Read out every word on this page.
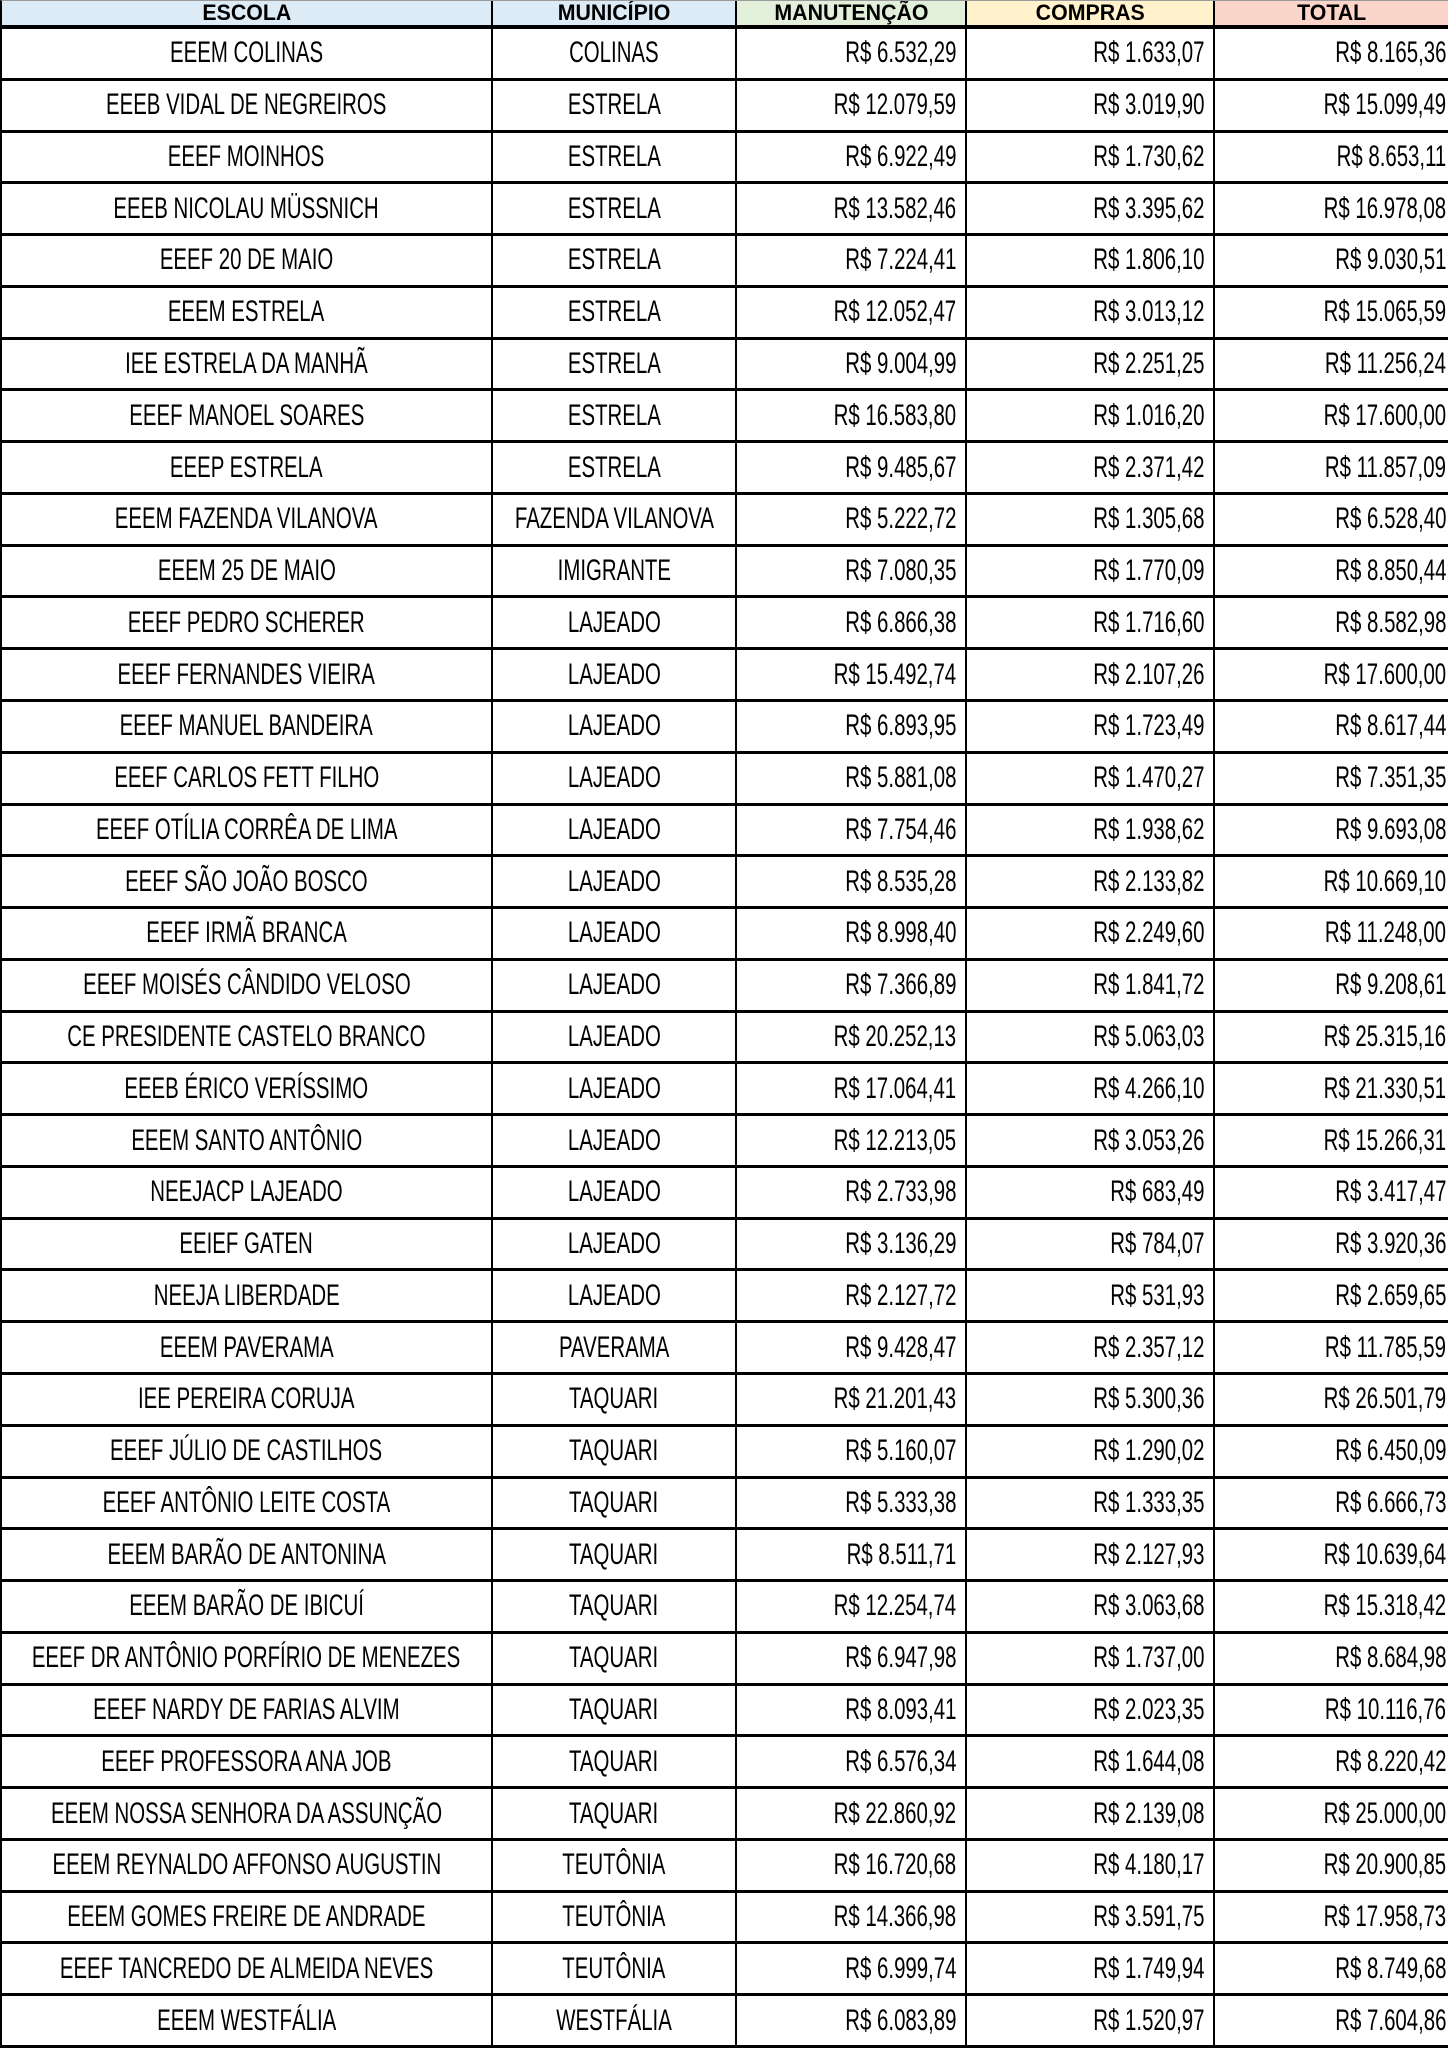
ESCOLA	MUNICÍPIO	MANUTENÇÃO	COMPRAS	TOTAL
EEEM COLINAS	COLINAS	R$ 6.532,29	R$ 1.633,07	R$ 8.165,36
EEEB VIDAL DE NEGREIROS	ESTRELA	R$ 12.079,59	R$ 3.019,90	R$ 15.099,49
EEEF MOINHOS	ESTRELA	R$ 6.922,49	R$ 1.730,62	R$ 8.653,11
EEEB NICOLAU MÜSSNICH	ESTRELA	R$ 13.582,46	R$ 3.395,62	R$ 16.978,08
EEEF 20 DE MAIO	ESTRELA	R$ 7.224,41	R$ 1.806,10	R$ 9.030,51
EEEM ESTRELA	ESTRELA	R$ 12.052,47	R$ 3.013,12	R$ 15.065,59
IEE ESTRELA DA MANHÃ	ESTRELA	R$ 9.004,99	R$ 2.251,25	R$ 11.256,24
EEEF MANOEL SOARES	ESTRELA	R$ 16.583,80	R$ 1.016,20	R$ 17.600,00
EEEP ESTRELA	ESTRELA	R$ 9.485,67	R$ 2.371,42	R$ 11.857,09
EEEM FAZENDA VILANOVA	FAZENDA VILANOVA	R$ 5.222,72	R$ 1.305,68	R$ 6.528,40
EEEM 25 DE MAIO	IMIGRANTE	R$ 7.080,35	R$ 1.770,09	R$ 8.850,44
EEEF PEDRO SCHERER	LAJEADO	R$ 6.866,38	R$ 1.716,60	R$ 8.582,98
EEEF FERNANDES VIEIRA	LAJEADO	R$ 15.492,74	R$ 2.107,26	R$ 17.600,00
EEEF MANUEL BANDEIRA	LAJEADO	R$ 6.893,95	R$ 1.723,49	R$ 8.617,44
EEEF CARLOS FETT FILHO	LAJEADO	R$ 5.881,08	R$ 1.470,27	R$ 7.351,35
EEEF OTÍLIA CORRÊA DE LIMA	LAJEADO	R$ 7.754,46	R$ 1.938,62	R$ 9.693,08
EEEF SÃO JOÃO BOSCO	LAJEADO	R$ 8.535,28	R$ 2.133,82	R$ 10.669,10
EEEF IRMÃ BRANCA	LAJEADO	R$ 8.998,40	R$ 2.249,60	R$ 11.248,00
EEEF MOISÉS CÂNDIDO VELOSO	LAJEADO	R$ 7.366,89	R$ 1.841,72	R$ 9.208,61
CE PRESIDENTE CASTELO BRANCO	LAJEADO	R$ 20.252,13	R$ 5.063,03	R$ 25.315,16
EEEB ÉRICO VERÍSSIMO	LAJEADO	R$ 17.064,41	R$ 4.266,10	R$ 21.330,51
EEEM SANTO ANTÔNIO	LAJEADO	R$ 12.213,05	R$ 3.053,26	R$ 15.266,31
NEEJACP LAJEADO	LAJEADO	R$ 2.733,98	R$ 683,49	R$ 3.417,47
EEIEF GATEN	LAJEADO	R$ 3.136,29	R$ 784,07	R$ 3.920,36
NEEJA LIBERDADE	LAJEADO	R$ 2.127,72	R$ 531,93	R$ 2.659,65
EEEM PAVERAMA	PAVERAMA	R$ 9.428,47	R$ 2.357,12	R$ 11.785,59
IEE PEREIRA CORUJA	TAQUARI	R$ 21.201,43	R$ 5.300,36	R$ 26.501,79
EEEF JÚLIO DE CASTILHOS	TAQUARI	R$ 5.160,07	R$ 1.290,02	R$ 6.450,09
EEEF ANTÔNIO LEITE COSTA	TAQUARI	R$ 5.333,38	R$ 1.333,35	R$ 6.666,73
EEEM BARÃO DE ANTONINA	TAQUARI	R$ 8.511,71	R$ 2.127,93	R$ 10.639,64
EEEM BARÃO DE IBICUÍ	TAQUARI	R$ 12.254,74	R$ 3.063,68	R$ 15.318,42
EEEF DR ANTÔNIO PORFÍRIO DE MENEZES	TAQUARI	R$ 6.947,98	R$ 1.737,00	R$ 8.684,98
EEEF NARDY DE FARIAS ALVIM	TAQUARI	R$ 8.093,41	R$ 2.023,35	R$ 10.116,76
EEEF PROFESSORA ANA JOB	TAQUARI	R$ 6.576,34	R$ 1.644,08	R$ 8.220,42
EEEM NOSSA SENHORA DA ASSUNÇÃO	TAQUARI	R$ 22.860,92	R$ 2.139,08	R$ 25.000,00
EEEM REYNALDO AFFONSO AUGUSTIN	TEUTÔNIA	R$ 16.720,68	R$ 4.180,17	R$ 20.900,85
EEEM GOMES FREIRE DE ANDRADE	TEUTÔNIA	R$ 14.366,98	R$ 3.591,75	R$ 17.958,73
EEEF TANCREDO DE ALMEIDA NEVES	TEUTÔNIA	R$ 6.999,74	R$ 1.749,94	R$ 8.749,68
EEEM WESTFÁLIA	WESTFÁLIA	R$ 6.083,89	R$ 1.520,97	R$ 7.604,86
